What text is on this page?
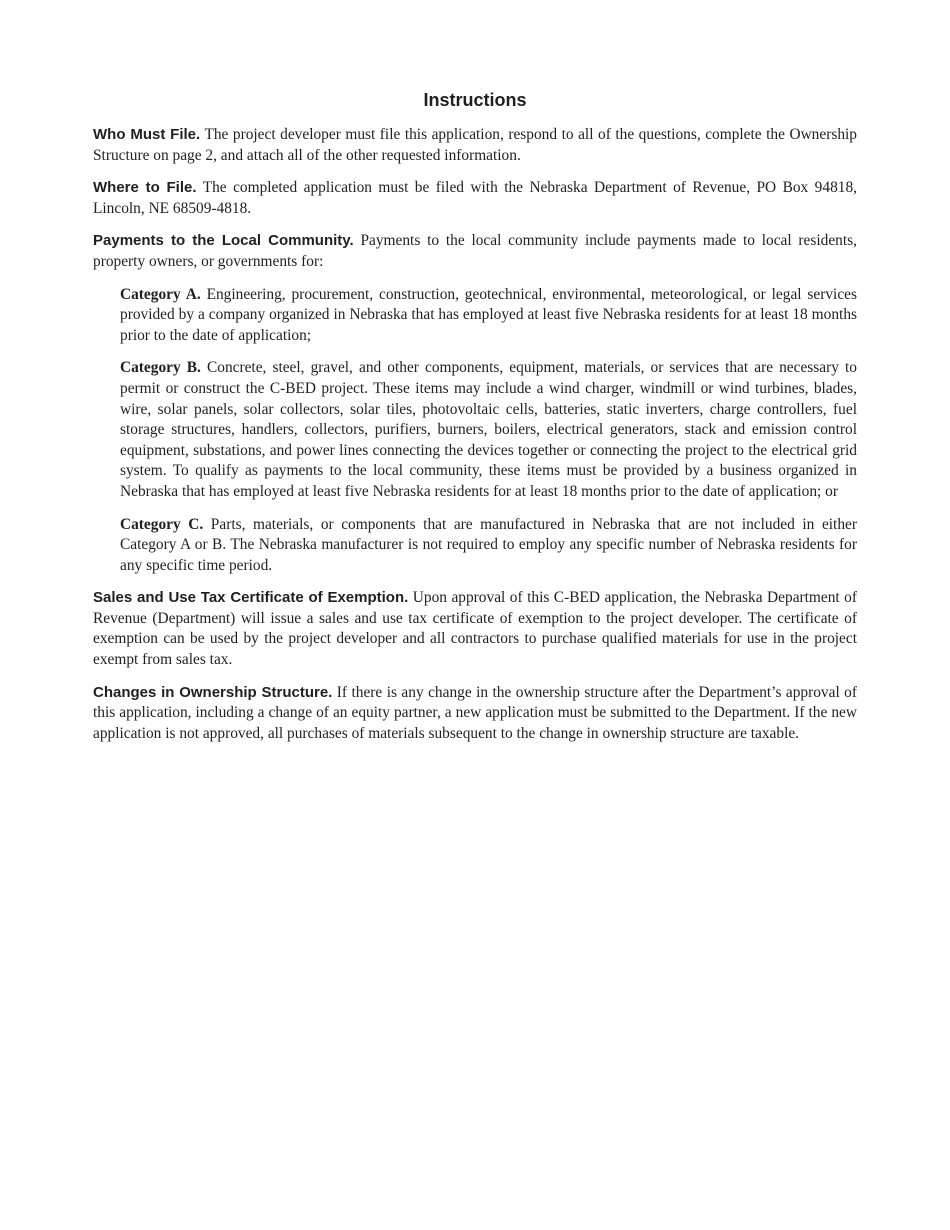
Instructions

Who Must File. The project developer must file this application, respond to all of the questions, complete the Ownership Structure on page 2, and attach all of the other requested information.

Where to File. The completed application must be filed with the Nebraska Department of Revenue, PO Box 94818, Lincoln, NE 68509-4818.

Payments to the Local Community. Payments to the local community include payments made to local residents, property owners, or governments for:

Category A. Engineering, procurement, construction, geotechnical, environmental, meteorological, or legal services provided by a company organized in Nebraska that has employed at least five Nebraska residents for at least 18 months prior to the date of application;

Category B. Concrete, steel, gravel, and other components, equipment, materials, or services that are necessary to permit or construct the C-BED project. These items may include a wind charger, windmill or wind turbines, blades, wire, solar panels, solar collectors, solar tiles, photovoltaic cells, batteries, static inverters, charge controllers, fuel storage structures, handlers, collectors, purifiers, burners, boilers, electrical generators, stack and emission control equipment, substations, and power lines connecting the devices together or connecting the project to the electrical grid system. To qualify as payments to the local community, these items must be provided by a business organized in Nebraska that has employed at least five Nebraska residents for at least 18 months prior to the date of application; or

Category C. Parts, materials, or components that are manufactured in Nebraska that are not included in either Category A or B. The Nebraska manufacturer is not required to employ any specific number of Nebraska residents for any specific time period.

Sales and Use Tax Certificate of Exemption. Upon approval of this C-BED application, the Nebraska Department of Revenue (Department) will issue a sales and use tax certificate of exemption to the project developer. The certificate of exemption can be used by the project developer and all contractors to purchase qualified materials for use in the project exempt from sales tax.

Changes in Ownership Structure. If there is any change in the ownership structure after the Department’s approval of this application, including a change of an equity partner, a new application must be submitted to the Department. If the new application is not approved, all purchases of materials subsequent to the change in ownership structure are taxable.
